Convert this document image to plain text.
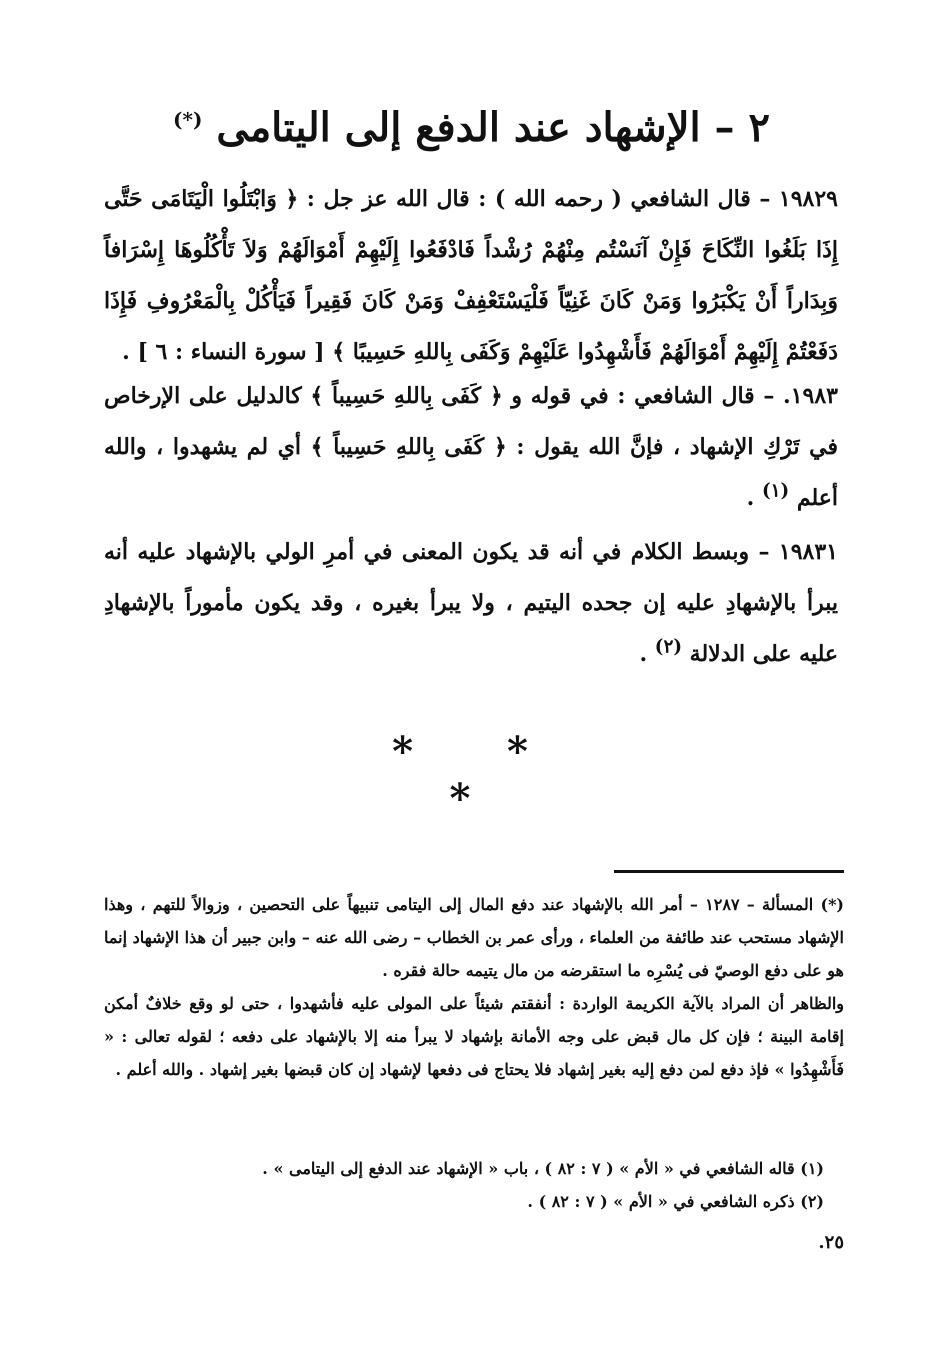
٢ – الإشهاد عند الدفع إلى اليتامى (*)

١٩٨٢٩ – قال الشافعي ( رحمه الله ) : قال الله عز جل : ﴿ وَابْتَلُوا الْيَتَامَى حَتَّى إِذَا بَلَغُوا النِّكَاحَ فَإِنْ آنَسْتُم مِنْهُمْ رُشْداً فَادْفَعُوا إِلَيْهِمْ أَمْوَالَهُمْ وَلاَ تَأْكُلُوهَا إِسْرَافاً وَبِدَاراً أَنْ يَكْبَرُوا وَمَنْ كَانَ غَنِيّاً فَلْيَسْتَعْفِفْ وَمَنْ كَانَ فَقِيراً فَيَأْكُلْ بِالْمَعْرُوفِ فَإِذَا دَفَعْتُمْ إِلَيْهِمْ أَمْوَالَهُمْ فَأَشْهِدُوا عَلَيْهِمْ وَكَفَى بِاللهِ حَسِيبًا ﴾ [ سورة النساء : ٦ ] .

١٩٨٣. – قال الشافعي : في قوله و ﴿ كَفَى بِاللهِ حَسِيباً ﴾ كالدليل على الإرخاص في تَرْكِ الإشهاد ، فإنَّ الله يقول : ﴿ كَفَى بِاللهِ حَسِيباً ﴾ أي لم يشهدوا ، والله أعلم $^{(١)}$ .

١٩٨٣١ – وبسط الكلام في أنه قد يكون المعنى في أمرِ الولي بالإشهاد عليه أنه يبرأ بالإشهادِ عليه إن جحده اليتيم ، ولا يبرأ بغيره ، وقد يكون مأموراً بالإشهادِ عليه على الدلالة $^{(٢)}$ .

* * *

(*) المسألة – ١٢٨٧ – أمر الله بالإشهاد عند دفع المال إلى اليتامى تنبيهاً على التحصين ، وزوالاً للتهم ، وهذا الإشهاد مستحب عند طائفة من العلماء ، ورأى عمر بن الخطاب – رضى الله عنه – وابن جبير أن هذا الإشهاد إنما هو على دفع الوصيّ فى يُسْرِه ما استقرضه من مال يتيمه حالة فقره .

والظاهر أن المراد بالآية الكريمة الواردة : أنفقتم شيئاً على المولى عليه فأشهدوا ، حتى لو وقع خلافٌ أمكن إقامة البينة ؛ فإن كل مال قبض على وجه الأمانة بإشهاد لا يبرأ منه إلا بالإشهاد على دفعه ؛ لقوله تعالى : « فَأَشْهِدُوا » فإذ دفع لمن دفع إليه بغير إشهاد فلا يحتاج فى دفعها لإشهاد إن كان قبضها بغير إشهاد . والله أعلم .

(١) قاله الشافعي في « الأم » ( ٧ : ٨٢ ) ، باب « الإشهاد عند الدفع إلى اليتامى » .
(٢) ذكره الشافعي في « الأم » ( ٧ : ٨٢ ) .
٢٥.
